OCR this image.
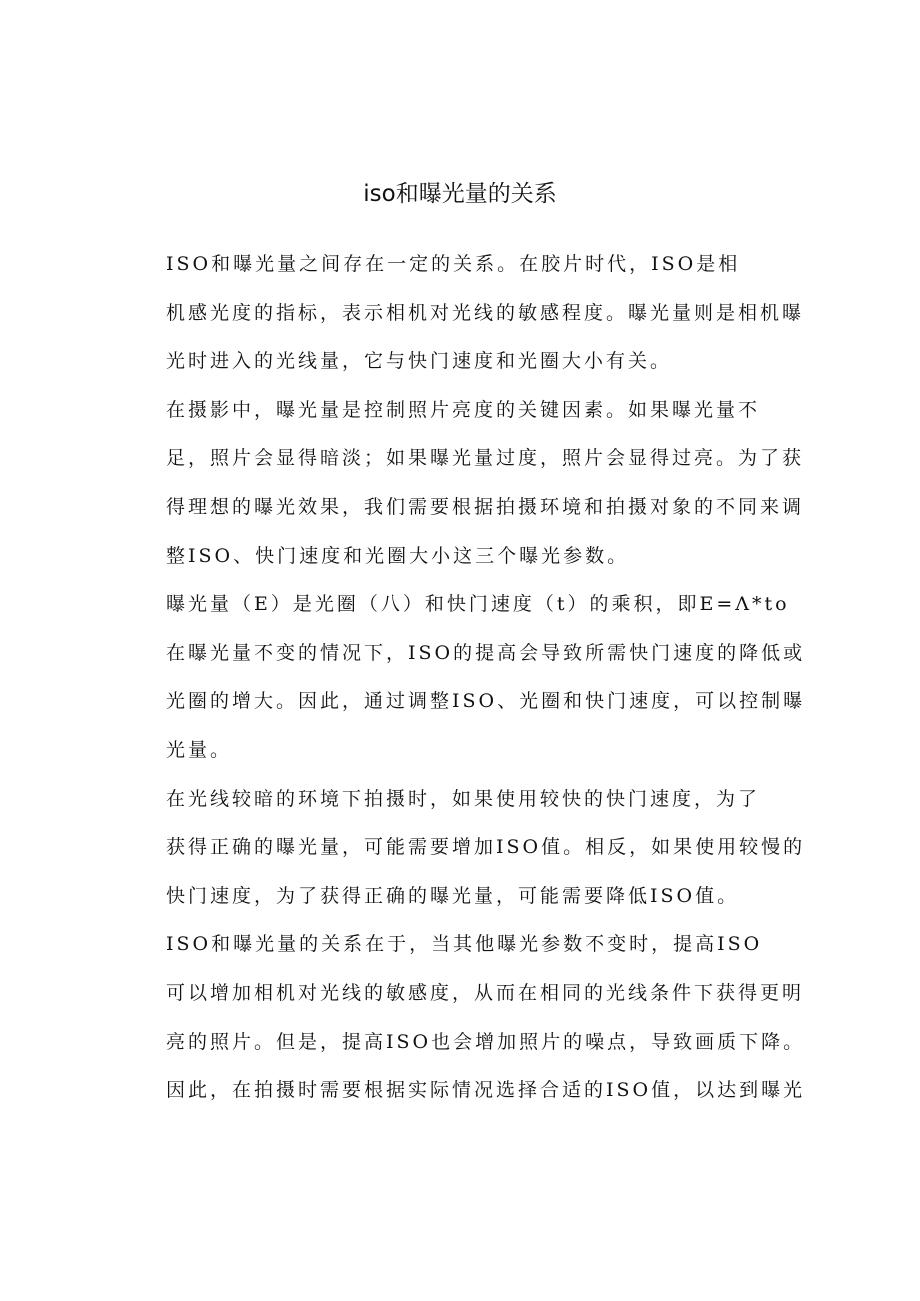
iso和曝光量的关系

ISO和曝光量之间存在一定的关系。在胶片时代，ISO是相
机感光度的指标，表示相机对光线的敏感程度。曝光量则是相机曝
光时进入的光线量，它与快门速度和光圈大小有关。

在摄影中，曝光量是控制照片亮度的关键因素。如果曝光量不
足，照片会显得暗淡；如果曝光量过度，照片会显得过亮。为了获
得理想的曝光效果，我们需要根据拍摄环境和拍摄对象的不同来调
整ISO、快门速度和光圈大小这三个曝光参数。

曝光量（E）是光圈（八）和快门速度（t）的乘积，即E=Λ*to
在曝光量不变的情况下，ISO的提高会导致所需快门速度的降低或
光圈的增大。因此，通过调整ISO、光圈和快门速度，可以控制曝
光量。

在光线较暗的环境下拍摄时，如果使用较快的快门速度，为了
获得正确的曝光量，可能需要增加ISO值。相反，如果使用较慢的
快门速度，为了获得正确的曝光量，可能需要降低ISO值。

ISO和曝光量的关系在于，当其他曝光参数不变时，提高ISO
可以增加相机对光线的敏感度，从而在相同的光线条件下获得更明
亮的照片。但是，提高ISO也会增加照片的噪点，导致画质下降。
因此，在拍摄时需要根据实际情况选择合适的ISO值，以达到曝光
